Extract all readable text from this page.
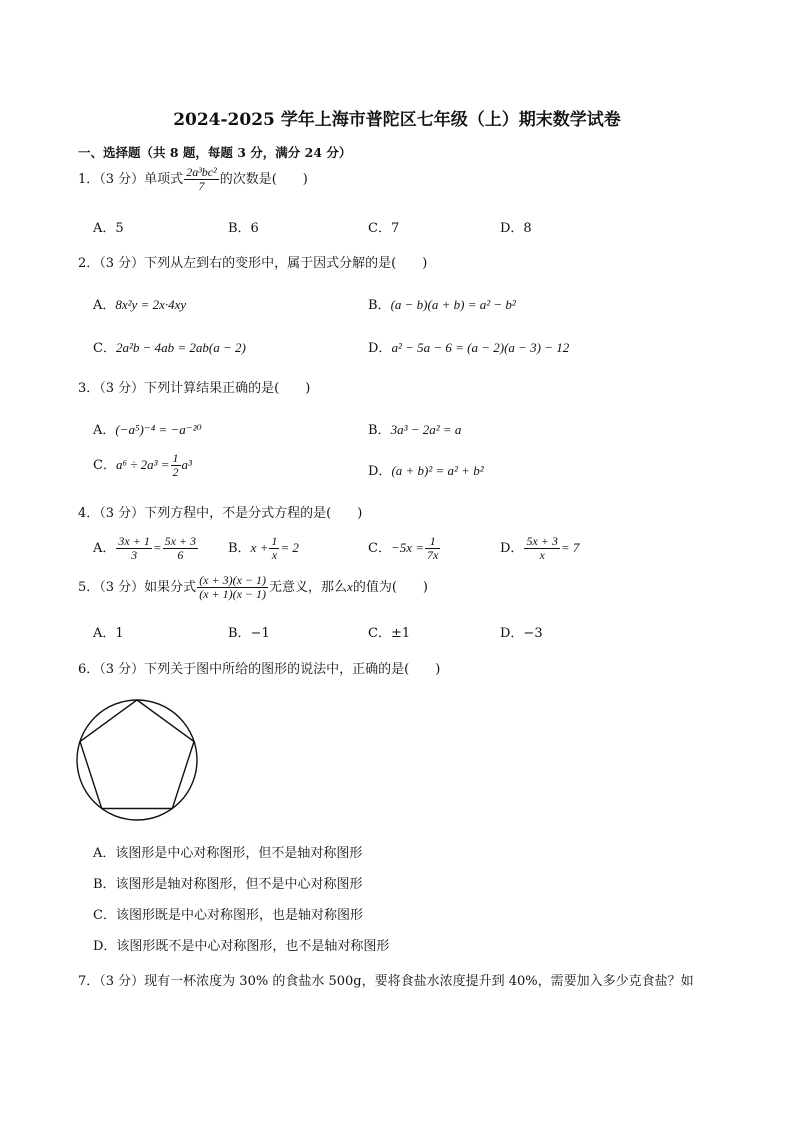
2024-2025 学年上海市普陀区七年级（上）期末数学试卷
一、选择题（共 8 题，每题 3 分，满分 24 分）
1．（3 分）单项式 $\frac{\text{2a³bc²}}{7}$ 的次数是(　　)
A．5	B．6	C．7	D．8
2．（3 分）下列从左到右的变形中，属于因式分解的是(　　)
A．8x²y = 2x·4xy	B．(a − b)(a + b) = a² − b²
C．2a²b − 4ab = 2ab(a − 2)	D．a² − 5a − 6 = (a − 2)(a − 3) − 12
3．（3 分）下列计算结果正确的是(　　)
A．(−a⁵)⁻⁴ = −a⁻²⁰	B．3a³ − 2a² = a
C．$a^6 \div 2a^3 = \frac{1}{2} a^3$	D．(a + b)² = a² + b²
4．（3 分）下列方程中，不是分式方程的是(　　)
A． $\frac{3x + 1}{3} = \frac{5x + 3}{6}$ B．$x + \frac{1}{x} = 2$	C．$-5x = \frac{1}{7x}$	D． $\frac{5x + 3}{x} = 7$
5．（3 分）如果分式 $\frac{(x + 3)(x - 1)}{(x + 1)(x - 1)}$ 无意义，那么x的值为(　　)
A．1	B．−1	C．±1	D．−3
6．（3 分）下列关于图中所给的图形的说法中，正确的是(　　)
A．该图形是中心对称图形，但不是轴对称图形
B．该图形是轴对称图形，但不是中心对称图形
C．该图形既是中心对称图形，也是轴对称图形
D．该图形既不是中心对称图形，也不是轴对称图形
7．（3 分）现有一杯浓度为 30% 的食盐水 500g，要将食盐水浓度提升到 40%，需要加入多少克食盐？如
